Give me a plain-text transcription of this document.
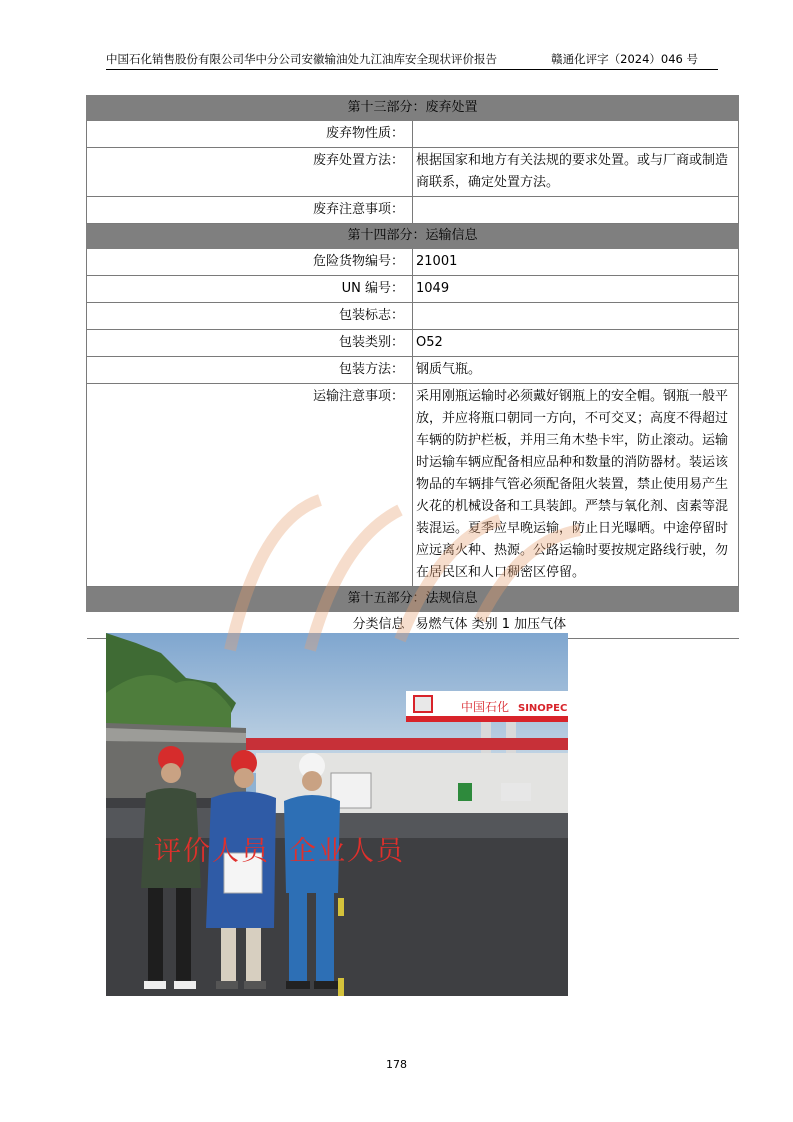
中国石化销售股份有限公司华中分公司安徽输油处九江油库安全现状评价报告	赣通化评字（2024）046 号
第十三部分：废弃处置	
废弃物性质：	
废弃处置方法：	根据国家和地方有关法规的要求处置。或与厂商或制造商联系，确定处置方法。
废弃注意事项：	
第十四部分：运输信息	
危险货物编号：	21001
UN 编号：	1049
包装标志：	
包装类别：	O52
包装方法：	钢质气瓶。
运输注意事项：	采用刚瓶运输时必须戴好钢瓶上的安全帽。钢瓶一般平放，并应将瓶口朝同一方向，不可交叉；高度不得超过车辆的防护栏板，并用三角木垫卡牢，防止滚动。运输时运输车辆应配备相应品种和数量的消防器材。装运该物品的车辆排气管必须配备阻火装置，禁止使用易产生火花的机械设备和工具装卸。严禁与氧化剂、卤素等混装混运。夏季应早晚运输，防止日光曝晒。中途停留时应远离火种、热源。公路运输时要按规定路线行驶，勿在居民区和人口稠密区停留。
第十五部分：法规信息	
分类信息	易燃气体 类别 1 加压气体
中国石化 SINOPEC
评价人员 企业人员
178
